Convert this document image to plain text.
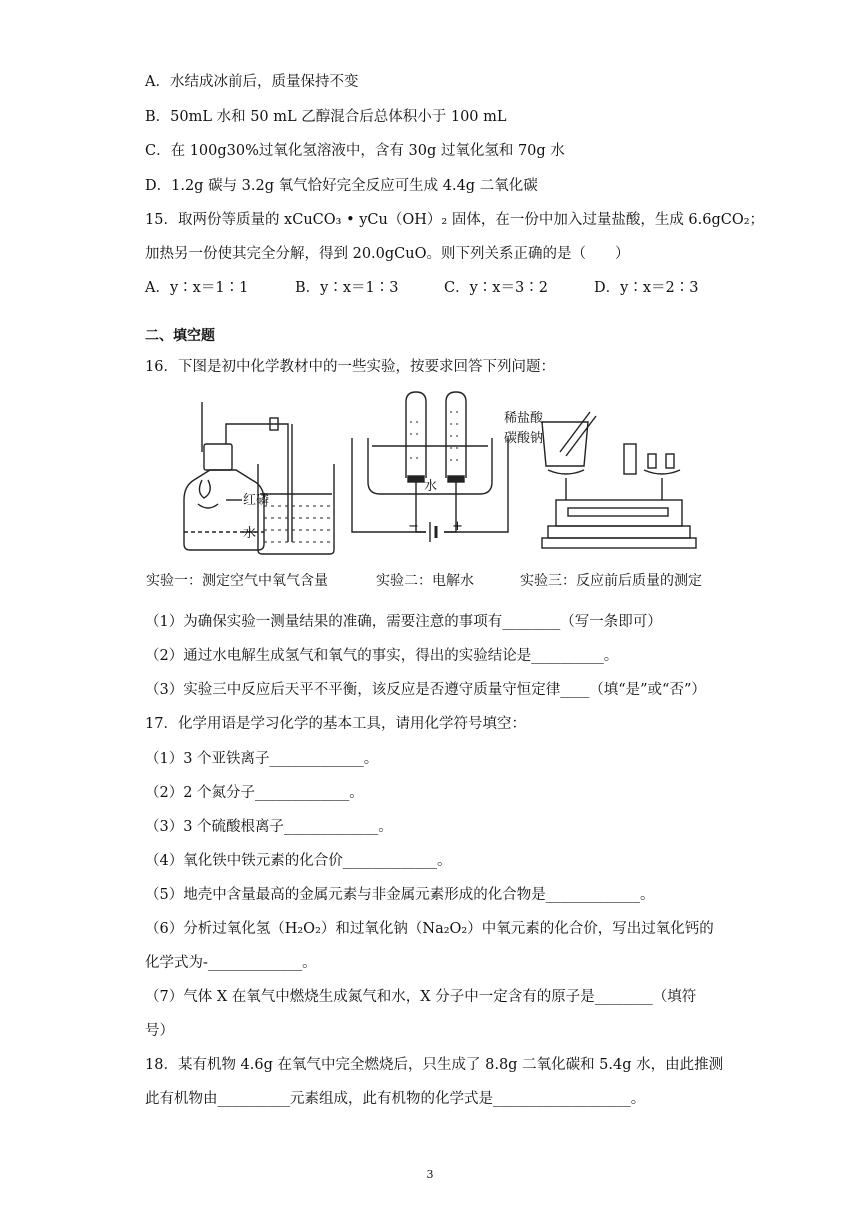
A．水结成冰前后，质量保持不变
B．50mL 水和 50 mL 乙醇混合后总体积小于 100 mL
C．在 100g30%过氧化氢溶液中，含有 30g 过氧化氢和 70g 水
D．1.2g 碳与 3.2g 氧气恰好完全反应可生成 4.4g 二氧化碳
15．取两份等质量的 xCuCO₃ • yCu（OH）₂ 固体，在一份中加入过量盐酸，生成 6.6gCO₂；
加热另一份使其完全分解，得到 20.0gCuO。则下列关系正确的是（　　）
A．y∶x＝1∶1	B．y∶x＝1∶3	C．y∶x＝3∶2	D．y∶x＝2∶3
二、填空题
16．下图是初中化学教材中的一些实验，按要求回答下列问题：
红磷
水
水
−	+
稀盐酸
碳酸钠
实验一：测定空气中氧气含量	实验二：电解水	实验三：反应前后质量的测定
（1）为确保实验一测量结果的准确，需要注意的事项有________（写一条即可）
（2）通过水电解生成氢气和氧气的事实，得出的实验结论是__________。
（3）实验三中反应后天平不平衡，该反应是否遵守质量守恒定律____（填“是”或“否”）
17．化学用语是学习化学的基本工具，请用化学符号填空：
（1）3 个亚铁离子_____________。
（2）2 个氮分子_____________。
（3）3 个硫酸根离子_____________。
（4）氧化铁中铁元素的化合价_____________。
（5）地壳中含量最高的金属元素与非金属元素形成的化合物是_____________。
（6）分析过氧化氢（H₂O₂）和过氧化钠（Na₂O₂）中氧元素的化合价，写出过氧化钙的
化学式为-_____________。
（7）气体 X 在氧气中燃烧生成氮气和水，X 分子中一定含有的原子是________（填符
号）
18．某有机物 4.6g 在氧气中完全燃烧后，只生成了 8.8g 二氧化碳和 5.4g 水，由此推测
此有机物由__________元素组成，此有机物的化学式是___________________。
3
